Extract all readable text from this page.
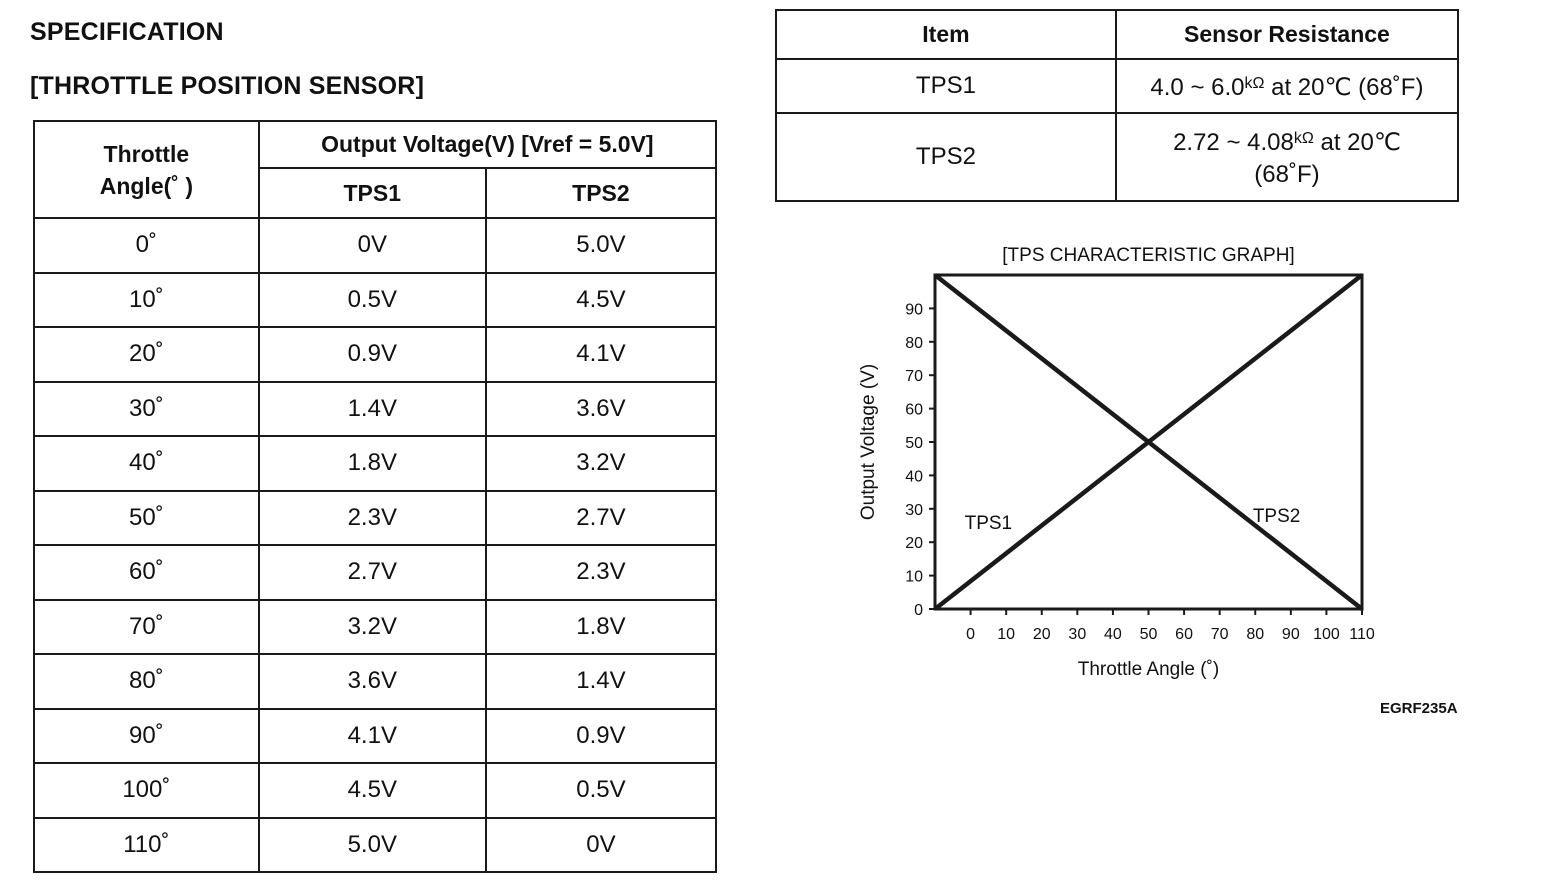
SPECIFICATION
[THROTTLE POSITION SENSOR]
Throttle Angle(˚ )	Output Voltage(V) [Vref = 5.0V]	
	TPS1	TPS2
0˚	0V	5.0V
10˚	0.5V	4.5V
20˚	0.9V	4.1V
30˚	1.4V	3.6V
40˚	1.8V	3.2V
50˚	2.3V	2.7V
60˚	2.7V	2.3V
70˚	3.2V	1.8V
80˚	3.6V	1.4V
90˚	4.1V	0.9V
100˚	4.5V	0.5V
110˚	5.0V	0V
Item	Sensor Resistance
TPS1	4.0 ~ $6.0^{k\Omega}$ at 20℃ (68˚F)
TPS2	2.72 ~ $4.08^{k\Omega}$ at 20℃
(68˚F)
[TPS CHARACTERISTIC GRAPH]
0
10
20
30
40
50
60
70
80
90
0 10 20 30 40 50 60 70 80 90 100 110
Throttle Angle (˚)
Output Voltage (V)
TPS1	TPS2
EGRF235A
